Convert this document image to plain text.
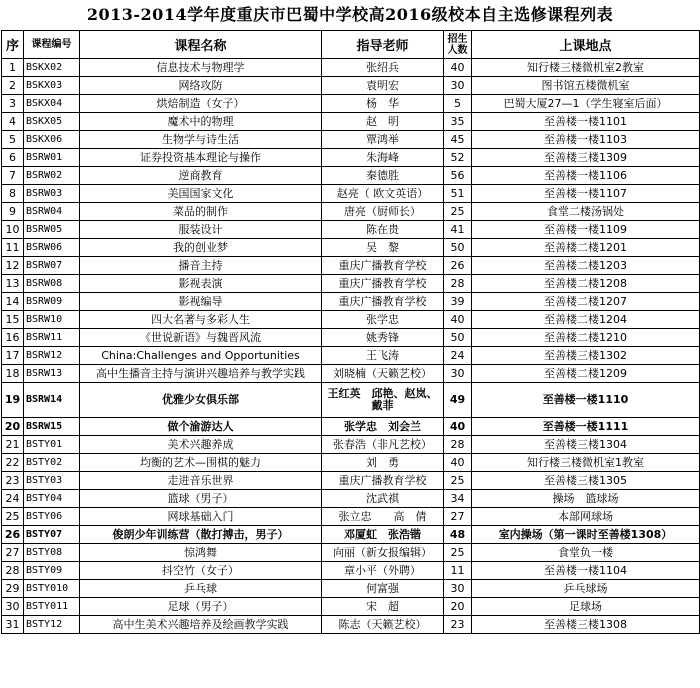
2013-2014学年度重庆市巴蜀中学校高2016级校本自主选修课程列表
序	课程编号	课程名称	指导老师	招生人数	上课地点
1	BSKX02	信息技术与物理学	张绍兵	40	知行楼三楼微机室2教室
2	BSKX03	网络攻防	袁明宏	30	图书馆五楼微机室
3	BSKX04	烘焙制造（女子）	杨　华	5	巴蜀大厦27—1（学生寝室后面）
4	BSKX05	魔术中的物理	赵　明	35	至善楼一楼1101
5	BSKX06	生物学与诗生活	覃鸿举	45	至善楼一楼1103
6	BSRW01	证券投资基本理论与操作	朱海峰	52	至善楼三楼1309
7	BSRW02	逆商教育	秦德胜	56	至善楼一楼1106
8	BSRW03	美国国家文化	赵亮（ 欧文英语）	51	至善楼一楼1107
9	BSRW04	菜品的制作	唐亮（厨师长）	25	食堂二楼汤锅处
10	BSRW05	服装设计	陈在贵	41	至善楼一楼1109
11	BSRW06	我的创业梦	吴　黎	50	至善楼二楼1201
12	BSRW07	播音主持	重庆广播教育学校	26	至善楼二楼1203
13	BSRW08	影视表演	重庆广播教育学校	28	至善楼二楼1208
14	BSRW09	影视编导	重庆广播教育学校	39	至善楼二楼1207
15	BSRW10	四大名著与多彩人生	张学忠	40	至善楼二楼1204
16	BSRW11	《世说新语》与魏晋风流	姚秀锋	50	至善楼二楼1210
17	BSRW12	China:Challenges and Opportunities	王飞涛	24	至善楼三楼1302
18	BSRW13	高中生播音主持与演讲兴趣培养与教学实践	刘晓楠（天籁艺校）	30	至善楼二楼1209
19	BSRW14	优雅少女俱乐部	王红英　邱艳、赵岚、戴菲	49	至善楼一楼1110
20	BSRW15	做个渝游达人	张学忠　刘会兰	40	至善楼一楼1111
21	BSTY01	美术兴趣养成	张春浩（非凡艺校）	28	至善楼三楼1304
22	BSTY02	均衡的艺术—围棋的魅力	刘　勇	40	知行楼三楼微机室1教室
23	BSTY03	走进音乐世界	重庆广播教育学校	25	至善楼三楼1305
24	BSTY04	篮球（男子）	沈武祺	34	操场　篮球场
25	BSTY06	网球基础入门	张立忠　　高　倩	27	本部网球场
26	BSTY07	俊朗少年训练营（散打搏击，男子）	邓厦虹　张浩锴	48	室内操场（第一课时至善楼1308）
27	BSTY08	惊鸿舞	向丽（新女报编辑）	25	食堂负一楼
28	BSTY09	抖空竹（女子）	章小平（外聘）	11	至善楼一楼1104
29	BSTY010	乒乓球	何富强	30	乒乓球场
30	BSTY011	足球（男子）	宋　超	20	足球场
31	BSTY12	高中生美术兴趣培养及绘画教学实践	陈志（天籁艺校）	23	至善楼三楼1308
